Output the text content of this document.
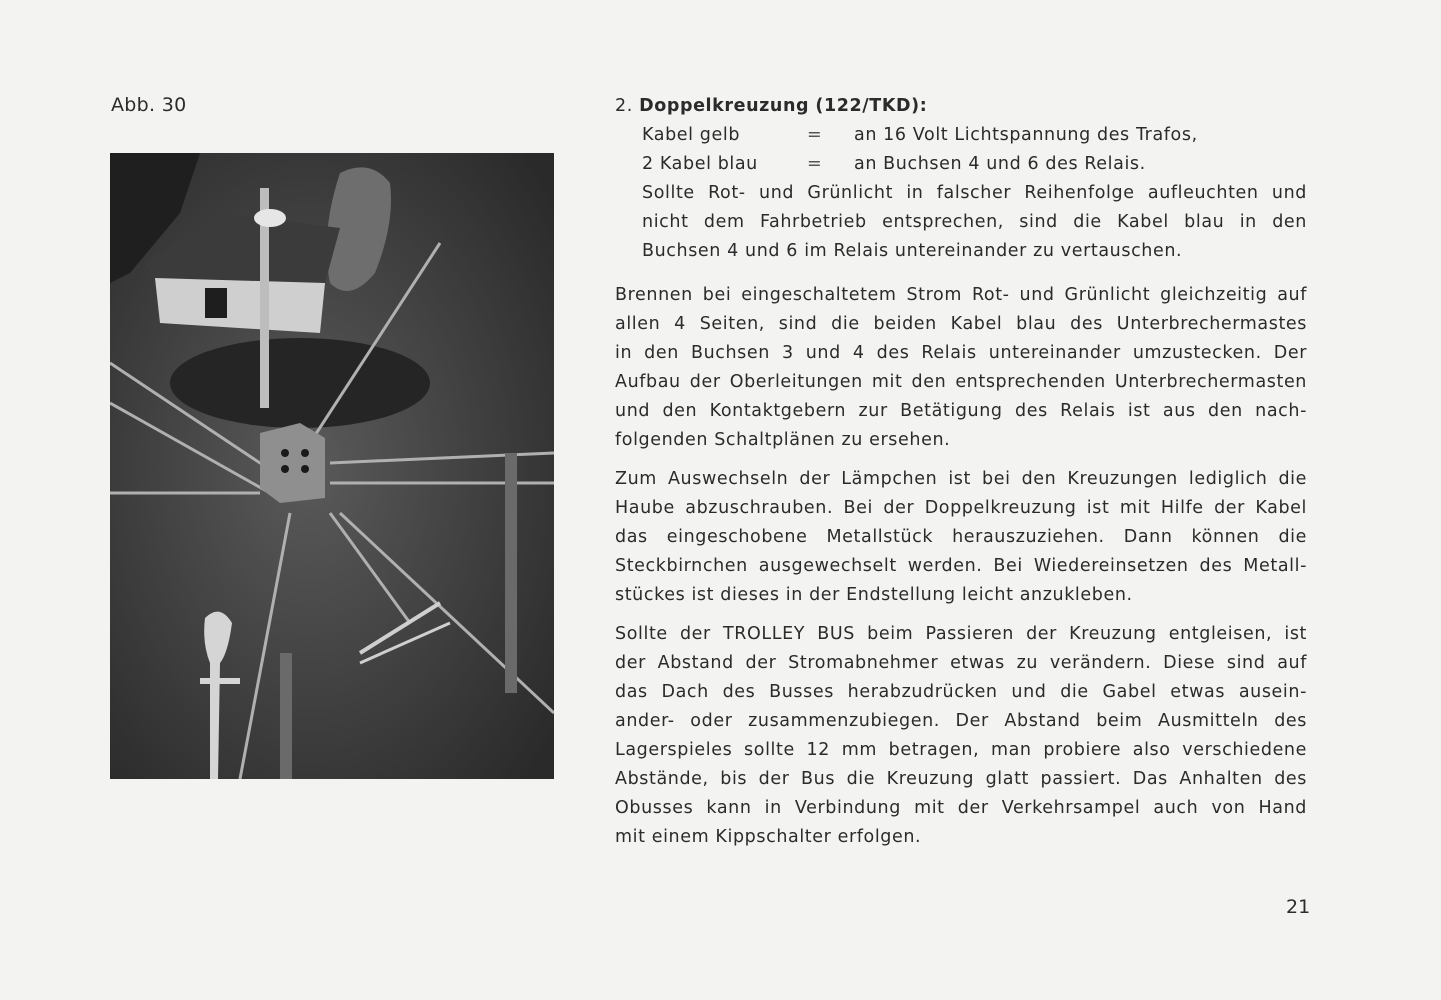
Abb. 30	2. Doppelkreuzung (122/TKD):
Kabel gelb	=	an 16 Volt Lichtspannung des Trafos,
2 Kabel blau	=	an Buchsen 4 und 6 des Relais.
Sollte Rot- und Grünlicht in falscher Reihenfolge aufleuchten und
nicht dem Fahrbetrieb entsprechen, sind die Kabel blau in den
Buchsen 4 und 6 im Relais untereinander zu vertauschen.
Brennen bei eingeschaltetem Strom Rot- und Grünlicht gleichzeitig auf
allen 4 Seiten, sind die beiden Kabel blau des Unterbrechermastes
in den Buchsen 3 und 4 des Relais untereinander umzustecken. Der
Aufbau der Oberleitungen mit den entsprechenden Unterbrechermasten
und den Kontaktgebern zur Betätigung des Relais ist aus den nach-
folgenden Schaltplänen zu ersehen.
Zum Auswechseln der Lämpchen ist bei den Kreuzungen lediglich die
Haube abzuschrauben. Bei der Doppelkreuzung ist mit Hilfe der Kabel
das eingeschobene Metallstück herauszuziehen. Dann können die
Steckbirnchen ausgewechselt werden. Bei Wiedereinsetzen des Metall-
stückes ist dieses in der Endstellung leicht anzukleben.
Sollte der TROLLEY BUS beim Passieren der Kreuzung entgleisen, ist
der Abstand der Stromabnehmer etwas zu verändern. Diese sind auf
das Dach des Busses herabzudrücken und die Gabel etwas ausein-
ander- oder zusammenzubiegen. Der Abstand beim Ausmitteln des
Lagerspieles sollte 12 mm betragen, man probiere also verschiedene
Abstände, bis der Bus die Kreuzung glatt passiert. Das Anhalten des
Obusses kann in Verbindung mit der Verkehrsampel auch von Hand
mit einem Kippschalter erfolgen.
21
